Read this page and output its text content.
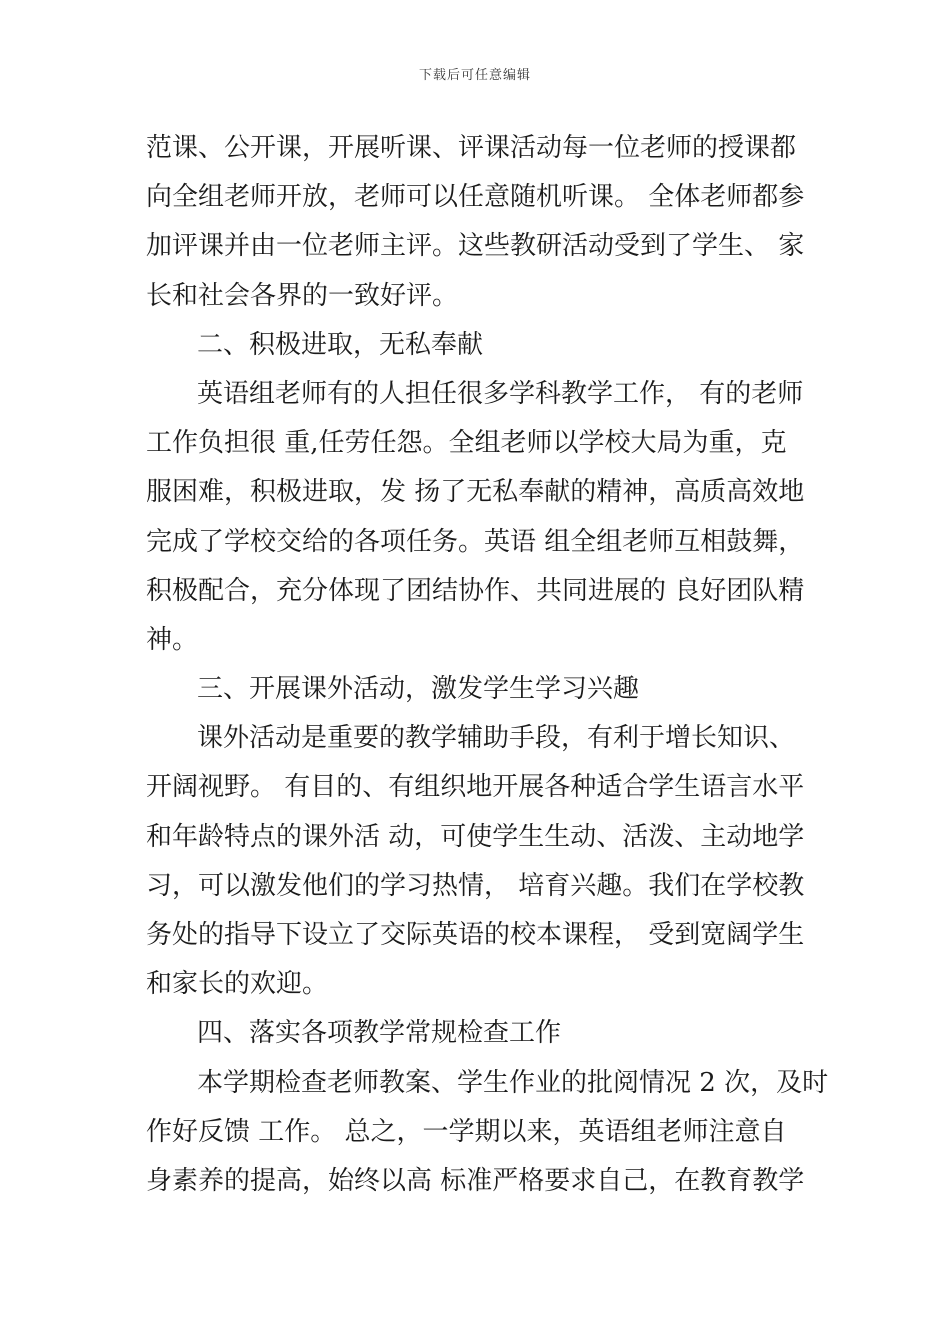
下载后可任意编辑
范课、公开课，开展听课、评课活动每一位老师的授课都
向全组老师开放，老师可以任意随机听课。 全体老师都参
加评课并由一位老师主评。这些教研活动受到了学生、 家
长和社会各界的一致好评。
二、积极进取，无私奉献
英语组老师有的人担任很多学科教学工作， 有的老师
工作负担很 重,任劳任怨。全组老师以学校大局为重，克
服困难，积极进取，发 扬了无私奉献的精神，高质高效地
完成了学校交给的各项任务。英语 组全组老师互相鼓舞，
积极配合，充分体现了团结协作、共同进展的 良好团队精
神。
三、开展课外活动，激发学生学习兴趣
课外活动是重要的教学辅助手段，有利于增长知识、
开阔视野。 有目的、有组织地开展各种适合学生语言水平
和年龄特点的课外活 动，可使学生生动、活泼、主动地学
习，可以激发他们的学习热情， 培育兴趣。我们在学校教
务处的指导下设立了交际英语的校本课程， 受到宽阔学生
和家长的欢迎。
四、落实各项教学常规检查工作
本学期检查老师教案、学生作业的批阅情况 2 次，及时
作好反馈 工作。 总之，一学期以来，英语组老师注意自
身素养的提高，始终以高 标准严格要求自己，在教育教学
